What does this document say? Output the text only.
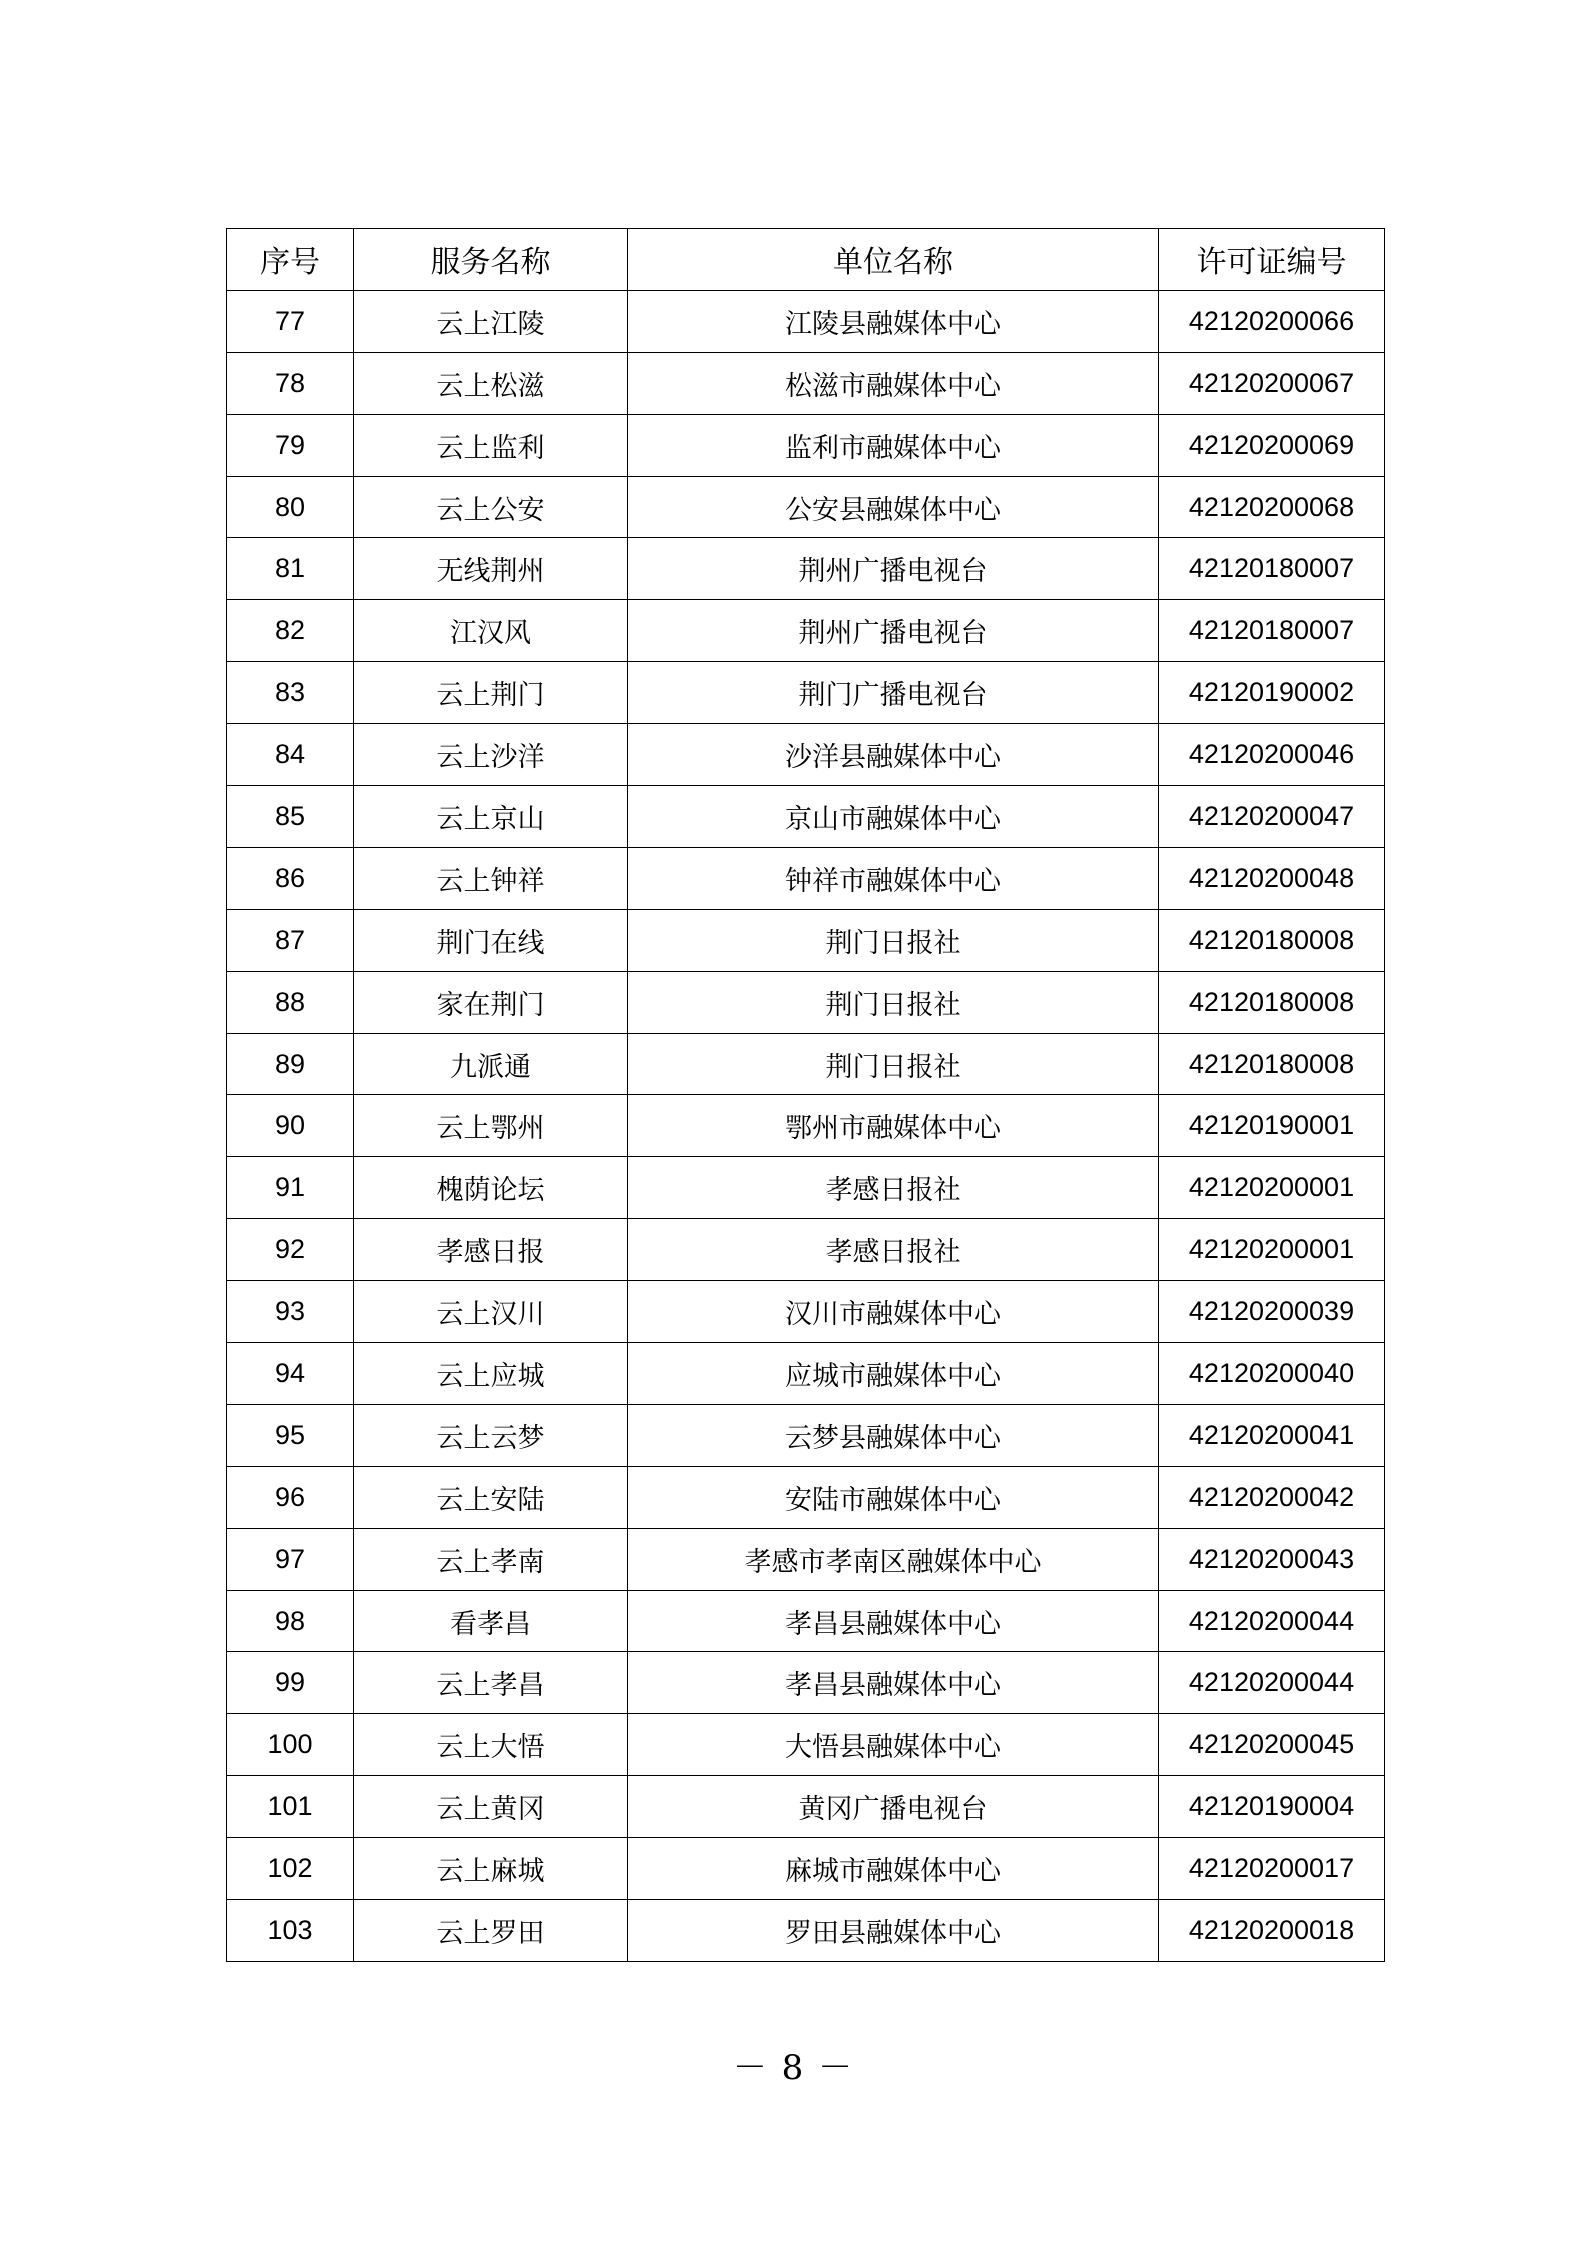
序号	服务名称	单位名称	许可证编号
77	云上江陵	江陵县融媒体中心	42120200066
78	云上松滋	松滋市融媒体中心	42120200067
79	云上监利	监利市融媒体中心	42120200069
80	云上公安	公安县融媒体中心	42120200068
81	无线荆州	荆州广播电视台	42120180007
82	江汉风	荆州广播电视台	42120180007
83	云上荆门	荆门广播电视台	42120190002
84	云上沙洋	沙洋县融媒体中心	42120200046
85	云上京山	京山市融媒体中心	42120200047
86	云上钟祥	钟祥市融媒体中心	42120200048
87	荆门在线	荆门日报社	42120180008
88	家在荆门	荆门日报社	42120180008
89	九派通	荆门日报社	42120180008
90	云上鄂州	鄂州市融媒体中心	42120190001
91	槐荫论坛	孝感日报社	42120200001
92	孝感日报	孝感日报社	42120200001
93	云上汉川	汉川市融媒体中心	42120200039
94	云上应城	应城市融媒体中心	42120200040
95	云上云梦	云梦县融媒体中心	42120200041
96	云上安陆	安陆市融媒体中心	42120200042
97	云上孝南	孝感市孝南区融媒体中心	42120200043
98	看孝昌	孝昌县融媒体中心	42120200044
99	云上孝昌	孝昌县融媒体中心	42120200044
100	云上大悟	大悟县融媒体中心	42120200045
101	云上黄冈	黄冈广播电视台	42120190004
102	云上麻城	麻城市融媒体中心	42120200017
103	云上罗田	罗田县融媒体中心	42120200018
－ 8 －
